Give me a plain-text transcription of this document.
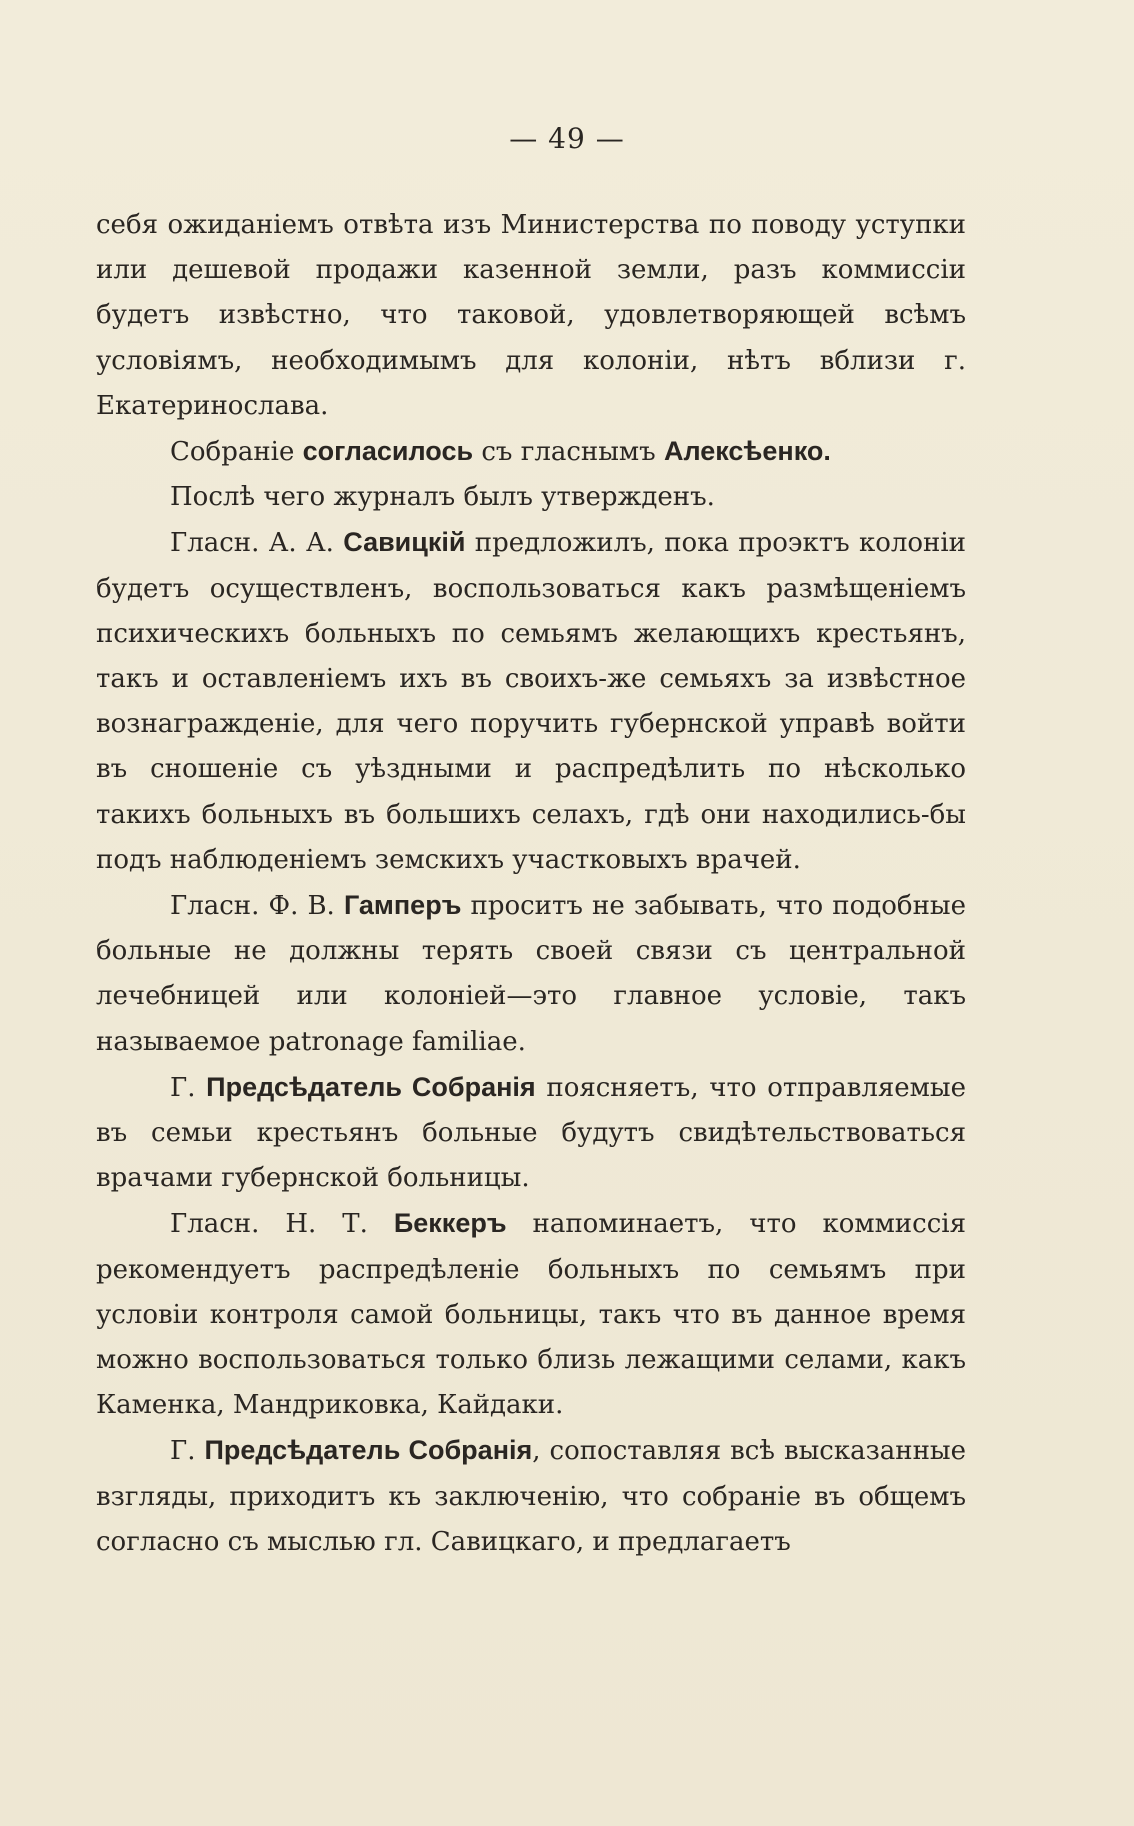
— 49 —

себя ожиданіемъ отвѣта изъ Министерства по поводу уступки или дешевой продажи казенной земли, разъ коммиссіи будетъ извѣстно, что таковой, удовлетворяющей всѣмъ условіямъ, необходимымъ для колоніи, нѣтъ вблизи г. Екатеринослава.

Собраніе согласилось съ гласнымъ Алексѣенко.

Послѣ чего журналъ былъ утвержденъ.

Гласн. А. А. Савицкій предложилъ, пока проэктъ колоніи будетъ осуществленъ, воспользоваться какъ размѣщеніемъ психическихъ больныхъ по семьямъ желающихъ крестьянъ, такъ и оставленіемъ ихъ въ своихъ-же семьяхъ за извѣстное вознагражденіе, для чего поручить губернской управѣ войти въ сношеніе съ уѣздными и распредѣлить по нѣсколько такихъ больныхъ въ большихъ селахъ, гдѣ они находились-бы подъ наблюденіемъ земскихъ участковыхъ врачей.

Гласн. Ф. В. Гамперъ проситъ не забывать, что подобные больные не должны терять своей связи съ центральной лечебницей или колоніей—это главное условіе, такъ называемое patronage familiae.

Г. Предсѣдатель Собранія поясняетъ, что отправляемые въ семьи крестьянъ больные будутъ свидѣтельствоваться врачами губернской больницы.

Гласн. Н. Т. Беккеръ напоминаетъ, что коммиссія рекомендуетъ распредѣленіе больныхъ по семьямъ при условіи контроля самой больницы, такъ что въ данное время можно воспользоваться только близь лежащими селами, какъ Каменка, Мандриковка, Кайдаки.

Г. Предсѣдатель Собранія, сопоставляя всѣ высказанные взгляды, приходитъ къ заключенію, что собраніе въ общемъ согласно съ мыслью гл. Савицкаго, и предлагаетъ
